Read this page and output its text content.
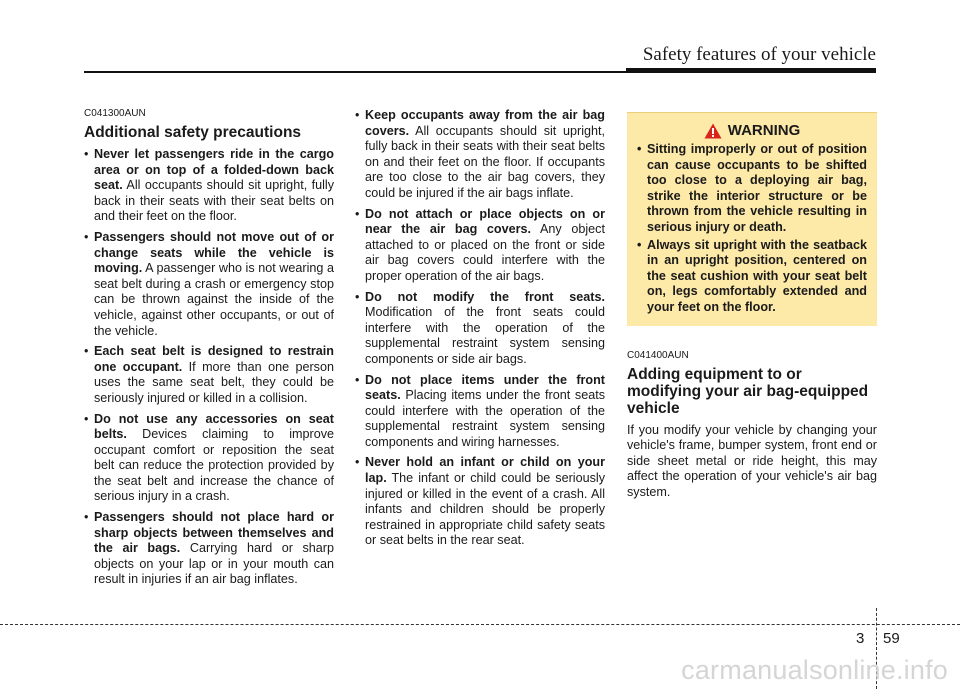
Safety features of your vehicle
C041300AUN
Additional safety precautions
• Never let passengers ride in the cargo area or on top of a folded-down back seat. All occupants should sit upright, fully back in their seats with their seat belts on and their feet on the floor.
• Passengers should not move out of or change seats while the vehicle is moving. A passenger who is not wearing a seat belt during a crash or emergency stop can be thrown against the inside of the vehicle, against other occupants, or out of the vehicle.
• Each seat belt is designed to restrain one occupant. If more than one person uses the same seat belt, they could be seriously injured or killed in a collision.
• Do not use any accessories on seat belts. Devices claiming to improve occupant comfort or reposition the seat belt can reduce the protection provided by the seat belt and increase the chance of serious injury in a crash.
• Passengers should not place hard or sharp objects between themselves and the air bags. Carrying hard or sharp objects on your lap or in your mouth can result in injuries if an air bag inflates.
• Keep occupants away from the air bag covers. All occupants should sit upright, fully back in their seats with their seat belts on and their feet on the floor. If occupants are too close to the air bag covers, they could be injured if the air bags inflate.
• Do not attach or place objects on or near the air bag covers. Any object attached to or placed on the front or side air bag covers could interfere with the proper operation of the air bags.
• Do not modify the front seats. Modification of the front seats could interfere with the operation of the supplemental restraint system sensing components or side air bags.
• Do not place items under the front seats. Placing items under the front seats could interfere with the operation of the supplemental restraint system sensing components and wiring harnesses.
• Never hold an infant or child on your lap. The infant or child could be seriously injured or killed in the event of a crash. All infants and children should be properly restrained in appropriate child safety seats or seat belts in the rear seat.
WARNING
• Sitting improperly or out of position can cause occupants to be shifted too close to a deploying air bag, strike the interior structure or be thrown from the vehicle resulting in serious injury or death.
• Always sit upright with the seatback in an upright position, centered on the seat cushion with your seat belt on, legs comfortably extended and your feet on the floor.
C041400AUN
Adding equipment to or modifying your air bag-equipped vehicle
If you modify your vehicle by changing your vehicle's frame, bumper system, front end or side sheet metal or ride height, this may affect the operation of your vehicle's air bag system.
3 59
carmanualsonline.info
